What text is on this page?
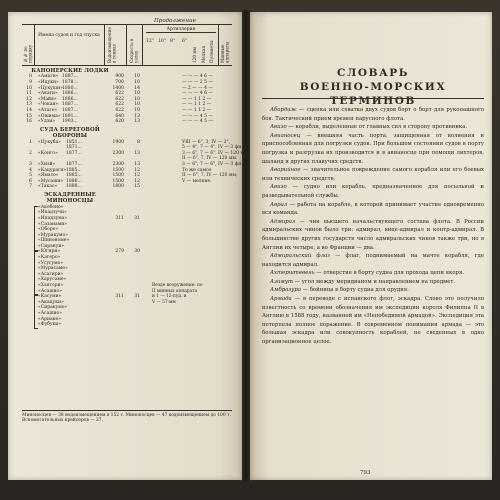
Продолжение
№№ по порядку
Имена судов и год спуска Водоизмещение в тоннах	Скорость в узлах
Артиллерия
12" 10" 8" 6"
120 мм Мелкая Пулеметы Минные аппараты
КАНОНЕРСКИЕ ЛОДКИ
8 «Амаги» 1887...	900	10	— — — 4 6 —
9 «Ицуки» 1878...	700	10	— — — 2 5 —
10 «Цукуши» 1880...	1400	14	— 2 — — 4 —
11 «Акаги» 1886...	622	10	— — — 4 6 —
12 «Майя» 1886...	622	10	— — 1 1 2 —
13 «Чокаи» 1887...	622	10	— — 1 1 2 —
14 «Атаго» 1887...	622	10	— — 1 1 2 —
15 «Ошима» 1891...	640	13	— — — 4 5 —
16 «Удзи» 1903...	620	13	— — — 4 5 —
СУДА БЕРЕГОВОЙ ОБОРОНЫ
1 «Цукуба» 1851...	1900	8	УШ — 6", 3, IV — 2",
1871...	5 — 4", 7 — 4", IV — 3 фн.
2 «Конго» 1877...	2300	13	3 — 6", 7 — 6", IV — 120 мм,
II — 6", 7, IV — 120 мм.
3 «Хиэй» 1877...	2300	13	3 — 6", 7 — 6", IV — 3 фн.
4 «Кацураги» 1885...	1500	12	То же самое
5 «Ямато» 1885...	1500	12	II — 6", 7, IV — 120 мм;
6 «Мусаши» 1886...	1500	12	V — мелкие.
7 «Такао» 1888...	1800	15
ЭСКАДРЕННЫЕ МИНОНОСЦЫ
«Акебоно»
«Икадзучи»
«Инадзума»	311	31
«Сазанами»
«Оборо»
«Муракумо»
«Шинономе»
«Сирануи»
«Югири»	279	30
«Кагеро»
«Усугумо»
«Мурасаме»
«Асагири»
«Харусаме»
«Хаятори»
«Асашио»
«Касуми»	311	31
«Акацуки»
«Сиракумо»
«Асашио»
«Ариаке»
«Фубуки»
Везде вооружение: по
II минных аппарата
и 1 — 12-пуд. и
V — 57-мм
Миноносцев — 38 водоизмещением в 152 т. Миноносцев — 47 водоизмещением до 100 т. Вспомогательных крейсеров — 27.
СЛОВАРЬ
ВОЕННО-МОРСКИХ ТЕРМИНОВ

Абордаж — сцепка или схватка двух судов борт о борт для рукопашного боя. Тактический прием времен парусного флота.

Авизо — корабли, выделенные от главных сил в сторону противника.

Авианосец — внешняя часть порта, защищенная от волнения и приспособленная для погрузки судов. При большом состоянии судов в порту погрузка и разгрузка их производится и в авианосце при помощи лихтеров, шаланд и других плавучих средств.

Аварийное — значительное повреждение самого корабля или его боевых или технических средств.

Авизо — судно или корабль, предназначенное для посыльной и разведывательной службы.

Аврал — работа на корабле, в которой принимает участие одновременно вся команда.

Адмирал — чин высшего начальствующего состава флота. В России адмиральских чинов было три: адмирал, вице-адмирал и контр-адмирал. В большинстве других государств число адмиральских чинов также три, но в Англии их четыре, а во Франции — два.

Адмиральский флаг — флаг, поднимаемый на мачте корабля, где находится адмирал.

Ахтерштевень — отверстие в борту судна для прохода цепи якоря.

Азимут — угол между меридианом и направлением на предмет.

Амбразура — бойница в борту судна для орудия.

Армада — в переводе с испанского флот, эскадра. Слово это получило известность со времени обозначения им экспедиции короля Филиппа II в Англию в 1588 году, названной им «Непобедимой армадой». Экспедиция эта потерпела полное поражение. В современном понимании армада — это большая эскадра или совокупность кораблей, не сведенных в одно организационное целое.

793
